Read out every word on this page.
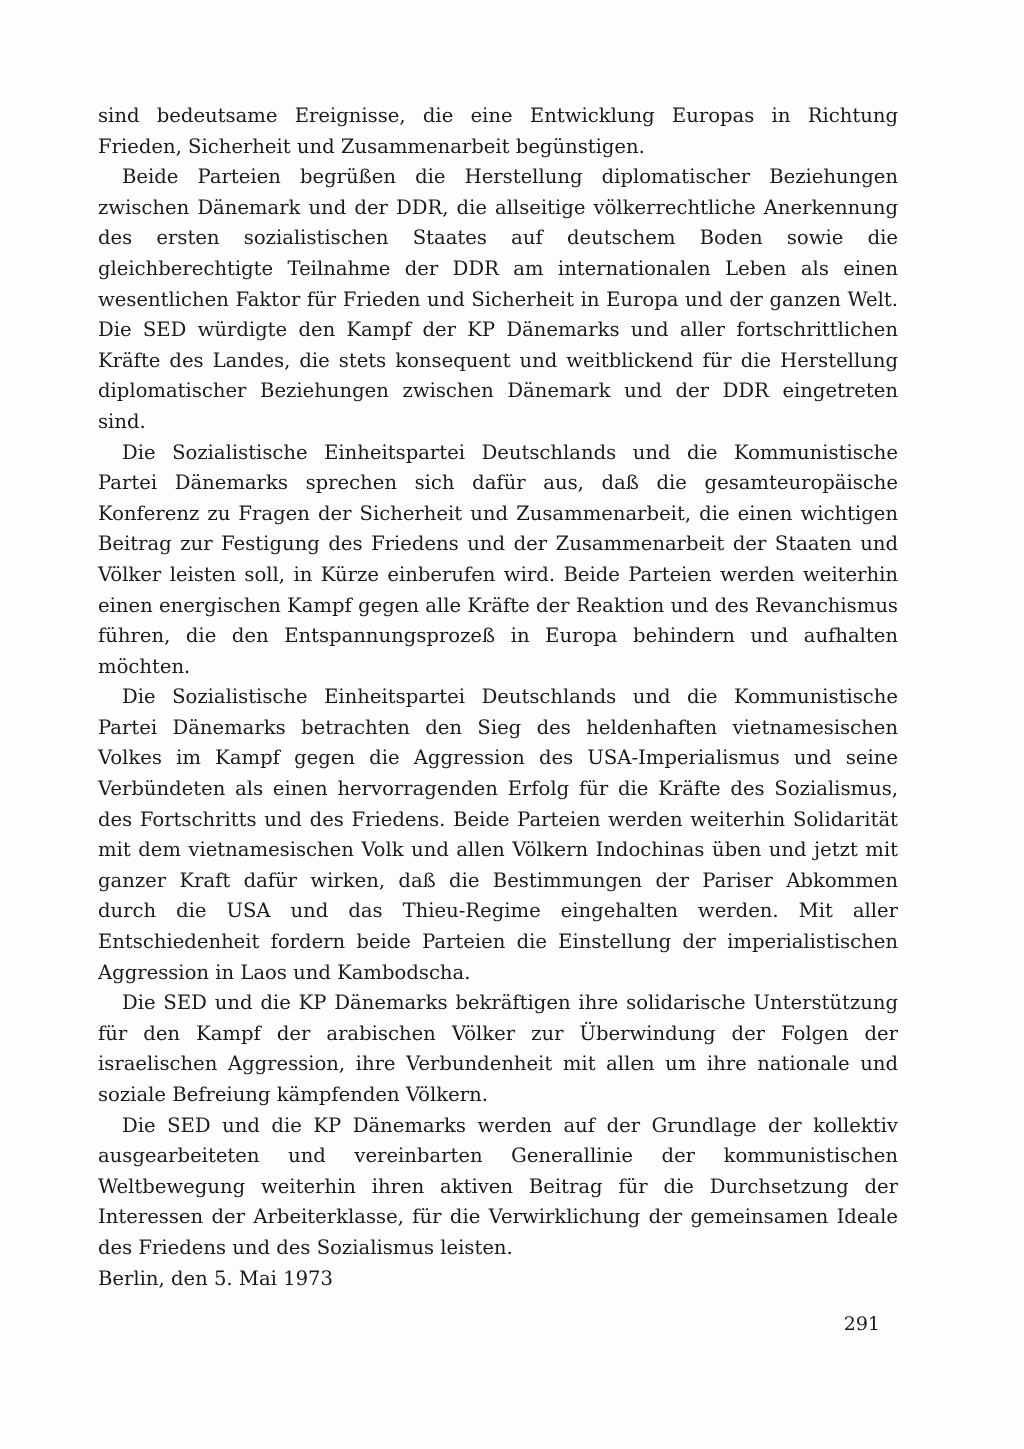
sind bedeutsame Ereignisse, die eine Entwicklung Europas in Richtung Frieden, Sicherheit und Zusammenarbeit begünstigen.

Beide Parteien begrüßen die Herstellung diplomatischer Beziehungen zwischen Dänemark und der DDR, die allseitige völkerrechtliche Anerkennung des ersten sozialistischen Staates auf deutschem Boden sowie die gleichberechtigte Teilnahme der DDR am internationalen Leben als einen wesentlichen Faktor für Frieden und Sicherheit in Europa und der ganzen Welt. Die SED würdigte den Kampf der KP Dänemarks und aller fortschrittlichen Kräfte des Landes, die stets konsequent und weitblickend für die Herstellung diplomatischer Beziehungen zwischen Dänemark und der DDR eingetreten sind.

Die Sozialistische Einheitspartei Deutschlands und die Kommunistische Partei Dänemarks sprechen sich dafür aus, daß die gesamteuropäische Konferenz zu Fragen der Sicherheit und Zusammenarbeit, die einen wichtigen Beitrag zur Festigung des Friedens und der Zusammenarbeit der Staaten und Völker leisten soll, in Kürze einberufen wird. Beide Parteien werden weiterhin einen energischen Kampf gegen alle Kräfte der Reaktion und des Revanchismus führen, die den Entspannungsprozeß in Europa behindern und aufhalten möchten.

Die Sozialistische Einheitspartei Deutschlands und die Kommunistische Partei Dänemarks betrachten den Sieg des heldenhaften vietnamesischen Volkes im Kampf gegen die Aggression des USA-Imperialismus und seine Verbündeten als einen hervorragenden Erfolg für die Kräfte des Sozialismus, des Fortschritts und des Friedens. Beide Parteien werden weiterhin Solidarität mit dem vietnamesischen Volk und allen Völkern Indochinas üben und jetzt mit ganzer Kraft dafür wirken, daß die Bestimmungen der Pariser Abkommen durch die USA und das Thieu-Regime eingehalten werden. Mit aller Entschiedenheit fordern beide Parteien die Einstellung der imperialistischen Aggression in Laos und Kambodscha.

Die SED und die KP Dänemarks bekräftigen ihre solidarische Unterstützung für den Kampf der arabischen Völker zur Überwindung der Folgen der israelischen Aggression, ihre Verbundenheit mit allen um ihre nationale und soziale Befreiung kämpfenden Völkern.

Die SED und die KP Dänemarks werden auf der Grundlage der kollektiv ausgearbeiteten und vereinbarten Generallinie der kommunistischen Weltbewegung weiterhin ihren aktiven Beitrag für die Durchsetzung der Interessen der Arbeiterklasse, für die Verwirklichung der gemeinsamen Ideale des Friedens und des Sozialismus leisten.

Berlin, den 5. Mai 1973

291
